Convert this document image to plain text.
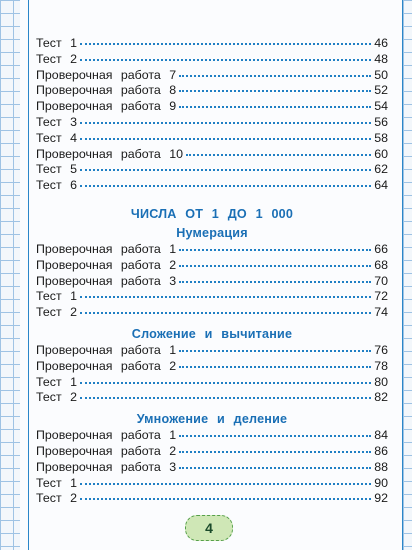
Тест 1	46
Тест 2	48
Проверочная работа 7	50
Проверочная работа 8	52
Проверочная работа 9	54
Тест 3	56
Тест 4	58
Проверочная работа 10	60
Тест 5	62
Тест 6	64
ЧИСЛА ОТ 1 ДО 1 000
Нумерация
Проверочная работа 1	66
Проверочная работа 2	68
Проверочная работа 3	70
Тест 1	72
Тест 2	74
Сложение и вычитание
Проверочная работа 1	76
Проверочная работа 2	78
Тест 1	80
Тест 2	82
Умножение и деление
Проверочная работа 1	84
Проверочная работа 2	86
Проверочная работа 3	88
Тест 1	90
Тест 2	92
4
